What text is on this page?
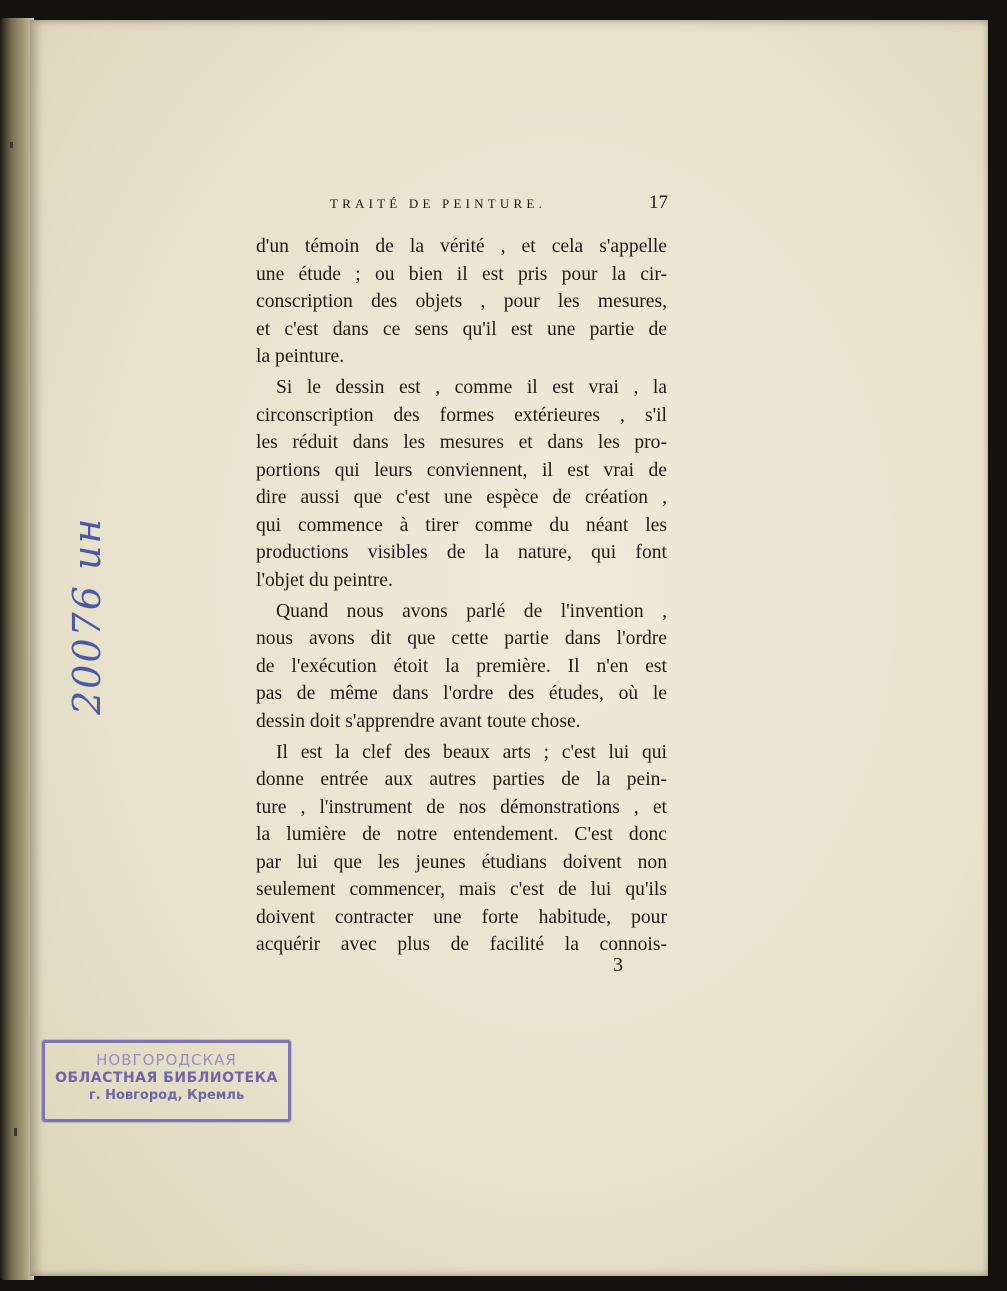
TRAITÉ DE PEINTURE.	17
d'un témoin de la vérité , et cela s'appelle
une étude ; ou bien il est pris pour la cir-
conscription des objets , pour les mesures,
et c'est dans ce sens qu'il est une partie de
la peinture.
Si le dessin est , comme il est vrai , la
circonscription des formes extérieures , s'il
les réduit dans les mesures et dans les pro-
portions qui leurs conviennent, il est vrai de
dire aussi que c'est une espèce de création ,
qui commence à tirer comme du néant les
productions visibles de la nature, qui font
l'objet du peintre.
Quand nous avons parlé de l'invention ,
nous avons dit que cette partie dans l'ordre
de l'exécution étoit la première. Il n'en est
pas de même dans l'ordre des études, où le
dessin doit s'apprendre avant toute chose.
Il est la clef des beaux arts ; c'est lui qui
donne entrée aux autres parties de la pein-
ture , l'instrument de nos démonstrations , et
la lumière de notre entendement. C'est donc
par lui que les jeunes étudians doivent non
seulement commencer, mais c'est de lui qu'ils
doivent contracter une forte habitude, pour
acquérir avec plus de facilité la connois-
3
20076 ин
НОВГОРОДСКАЯ
ОБЛАСТНАЯ БИБЛИОТЕКА
г. Новгород, Кремль
